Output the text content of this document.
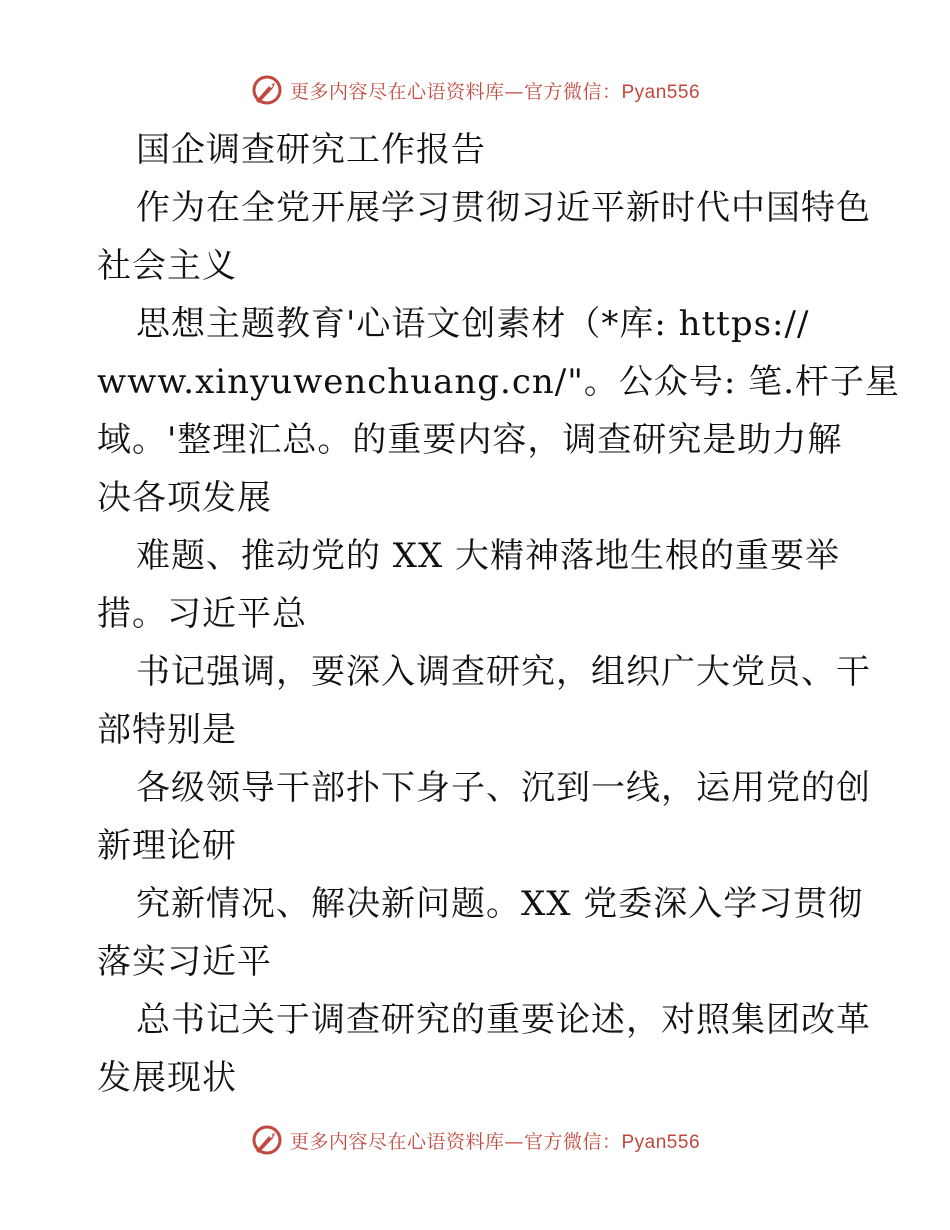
更多内容尽在心语资料库—官方微信：Pyan556
国企调查研究工作报告
作为在全党开展学习贯彻习近平新时代中国特色
社会主义
思想主题教育'心语文创素材（*库: https://
www.xinyuwenchuang.cn/"。公众号: 笔.杆子星
域。'整理汇总。的重要内容，调查研究是助力解
决各项发展
难题、推动党的 XX 大精神落地生根的重要举
措。习近平总
书记强调，要深入调查研究，组织广大党员、干
部特别是
各级领导干部扑下身子、沉到一线，运用党的创
新理论研
究新情况、解决新问题。XX 党委深入学习贯彻
落实习近平
总书记关于调查研究的重要论述，对照集团改革
发展现状
更多内容尽在心语资料库—官方微信：Pyan556
